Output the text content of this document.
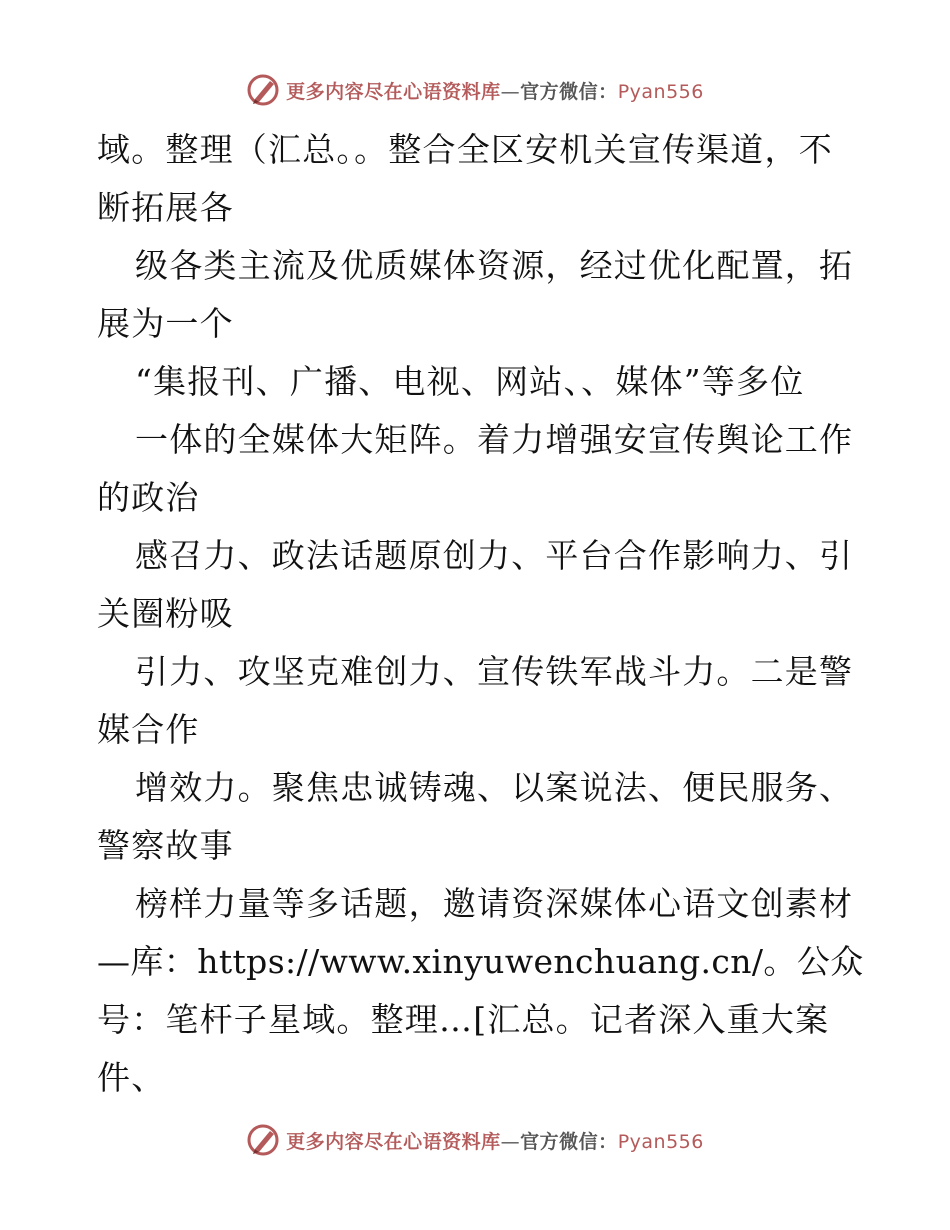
更多内容尽在心语资料库—官方微信：Pyan556
域。整理（汇总。。整合全区安机关宣传渠道，不
断拓展各
级各类主流及优质媒体资源，经过优化配置，拓
展为一个
“集报刊、广播、电视、网站、、媒体”等多位
一体的全媒体大矩阵。着力增强安宣传舆论工作
的政治
感召力、政法话题原创力、平台合作影响力、引
关圈粉吸
引力、攻坚克难创力、宣传铁军战斗力。二是警
媒合作
增效力。聚焦忠诚铸魂、以案说法、便民服务、
警察故事
榜样力量等多话题，邀请资深媒体心语文创素材
—库：https://www.xinyuwenchuang.cn/。公众
号：笔杆子星域。整理…[汇总。记者深入重大案
件、
更多内容尽在心语资料库—官方微信：Pyan556
